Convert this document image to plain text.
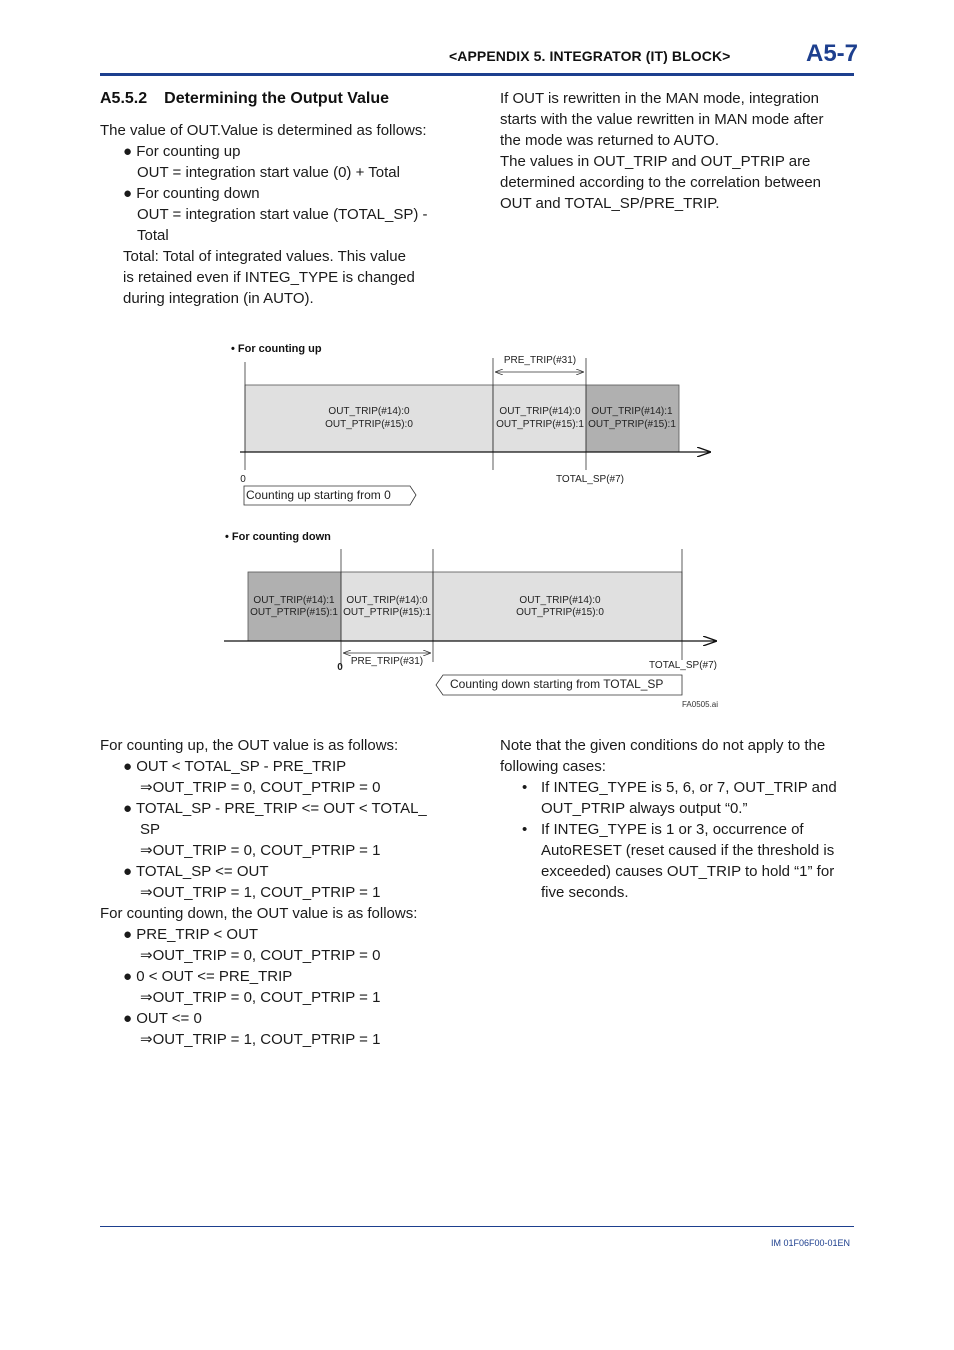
<APPENDIX 5. INTEGRATOR (IT) BLOCK>	A5-7
A5.5.2 Determining the Output Value
The value of OUT.Value is determined as follows:
● For counting up
OUT = integration start value (0) + Total
● For counting down
OUT = integration start value (TOTAL_SP) -
Total
Total: Total of integrated values. This value
is retained even if INTEG_TYPE is changed
during integration (in AUTO).
If OUT is rewritten in the MAN mode, integration
starts with the value rewritten in MAN mode after
the mode was returned to AUTO.
The values in OUT_TRIP and OUT_PTRIP are
determined according to the correlation between
OUT and TOTAL_SP/PRE_TRIP.
• For counting up
PRE_TRIP(#31)
OUT_TRIP(#14):0
OUT_PTRIP(#15):0
OUT_TRIP(#14):0
OUT_PTRIP(#15):1
OUT_TRIP(#14):1
OUT_PTRIP(#15):1
0	TOTAL_SP(#7)
Counting up starting from 0
• For counting down
OUT_TRIP(#14):1
OUT_PTRIP(#15):1
OUT_TRIP(#14):0
OUT_PTRIP(#15):1
OUT_TRIP(#14):0
OUT_PTRIP(#15):0
0
PRE_TRIP(#31)	TOTAL_SP(#7)
Counting down starting from TOTAL_SP
FA0505.ai
For counting up, the OUT value is as follows:
● OUT < TOTAL_SP - PRE_TRIP
⇒OUT_TRIP = 0, COUT_PTRIP = 0
● TOTAL_SP - PRE_TRIP <= OUT < TOTAL_
SP
⇒OUT_TRIP = 0, COUT_PTRIP = 1
● TOTAL_SP <= OUT
⇒OUT_TRIP = 1, COUT_PTRIP = 1
For counting down, the OUT value is as follows:
● PRE_TRIP < OUT
⇒OUT_TRIP = 0, COUT_PTRIP = 0
● 0 < OUT <= PRE_TRIP
⇒OUT_TRIP = 0, COUT_PTRIP = 1
● OUT <= 0
⇒OUT_TRIP = 1, COUT_PTRIP = 1
Note that the given conditions do not apply to the
following cases:
• If INTEG_TYPE is 5, 6, or 7, OUT_TRIP and
OUT_PTRIP always output “0.”
• If INTEG_TYPE is 1 or 3, occurrence of
AutoRESET (reset caused if the threshold is
exceeded) causes OUT_TRIP to hold “1” for
five seconds.
IM 01F06F00-01EN
